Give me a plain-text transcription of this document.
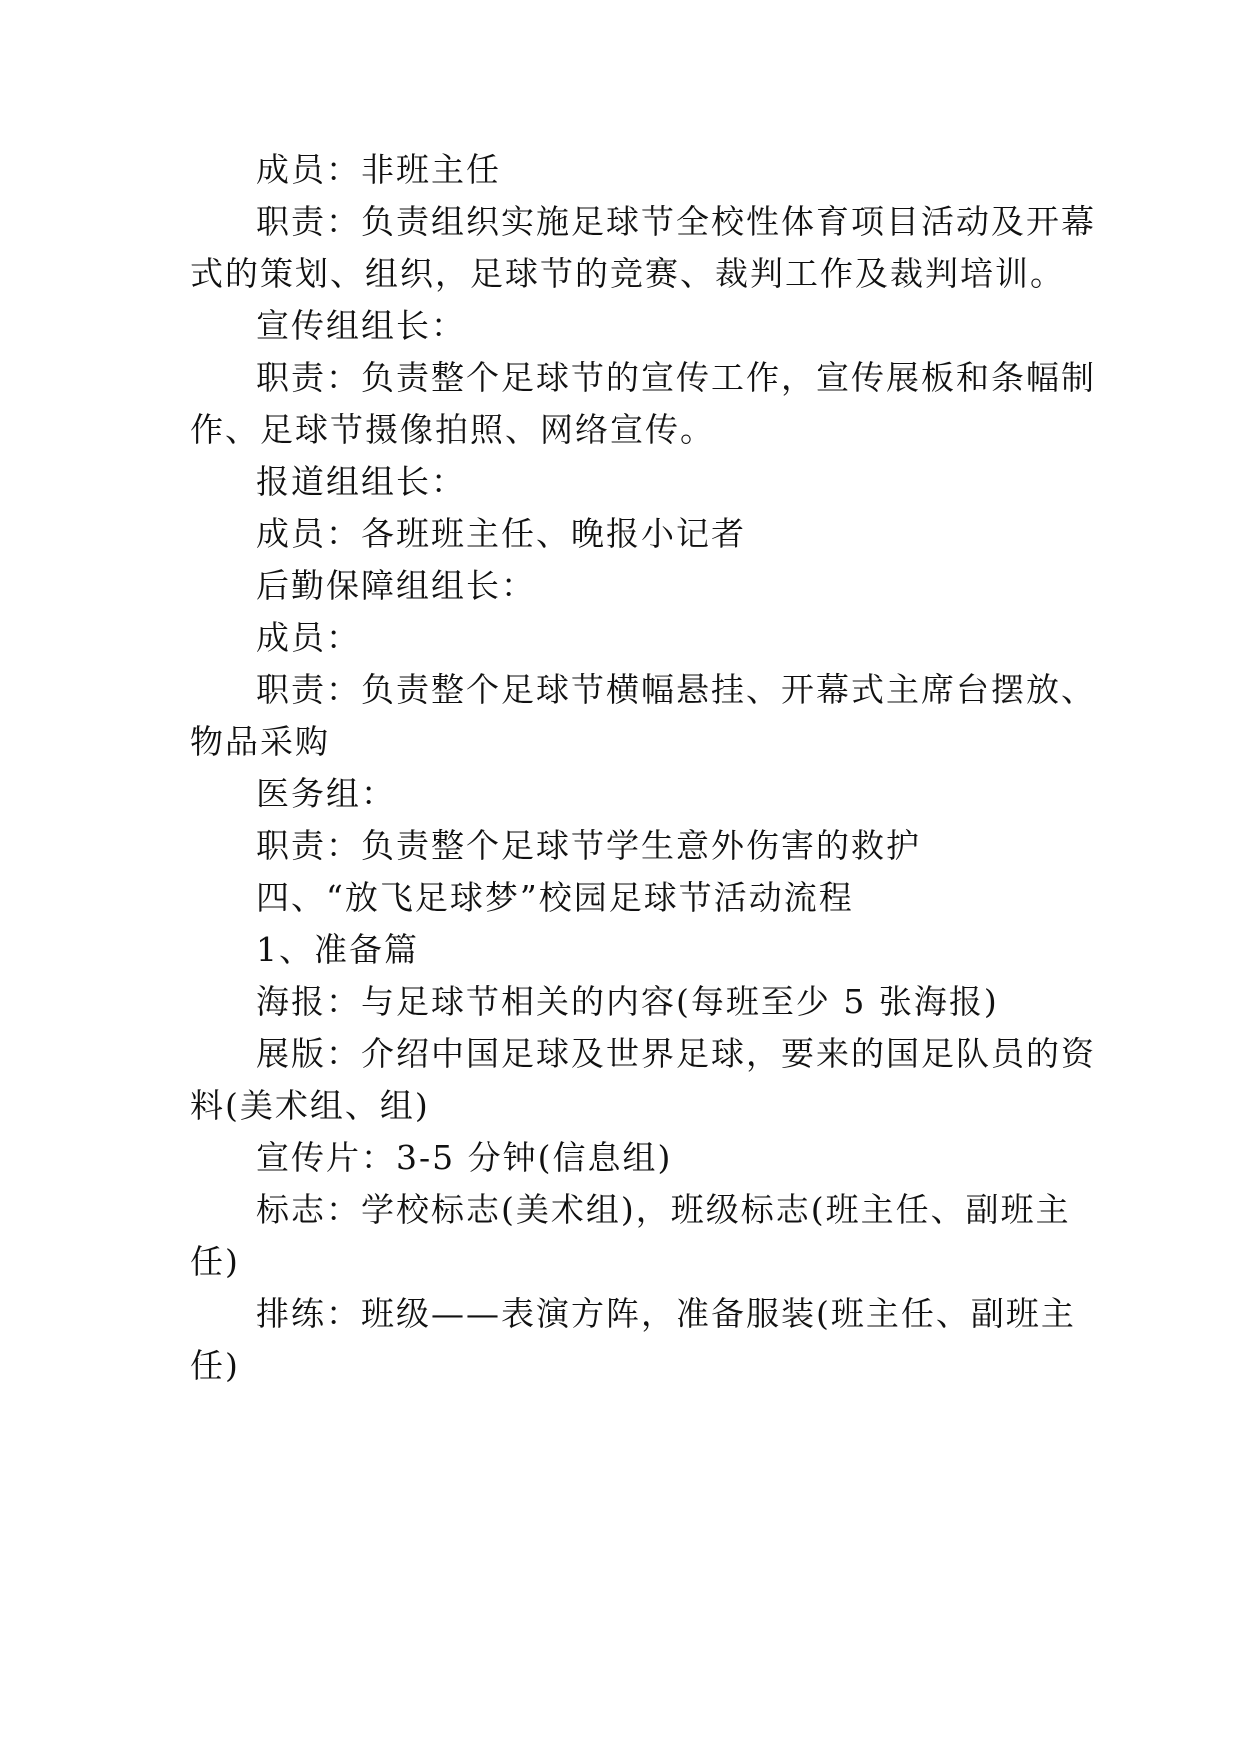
成员：非班主任
职责：负责组织实施足球节全校性体育项目活动及开幕
式的策划、组织，足球节的竞赛、裁判工作及裁判培训。
宣传组组长：
职责：负责整个足球节的宣传工作，宣传展板和条幅制
作、足球节摄像拍照、网络宣传。
报道组组长：
成员：各班班主任、晚报小记者
后勤保障组组长：
成员：
职责：负责整个足球节横幅悬挂、开幕式主席台摆放、
物品采购
医务组：
职责：负责整个足球节学生意外伤害的救护
四、“放飞足球梦”校园足球节活动流程
1、准备篇
海报：与足球节相关的内容(每班至少 5 张海报)
展版：介绍中国足球及世界足球，要来的国足队员的资
料(美术组、组)
宣传片：3-5 分钟(信息组)
标志：学校标志(美术组)，班级标志(班主任、副班主
任)
排练：班级——表演方阵，准备服装(班主任、副班主
任)
